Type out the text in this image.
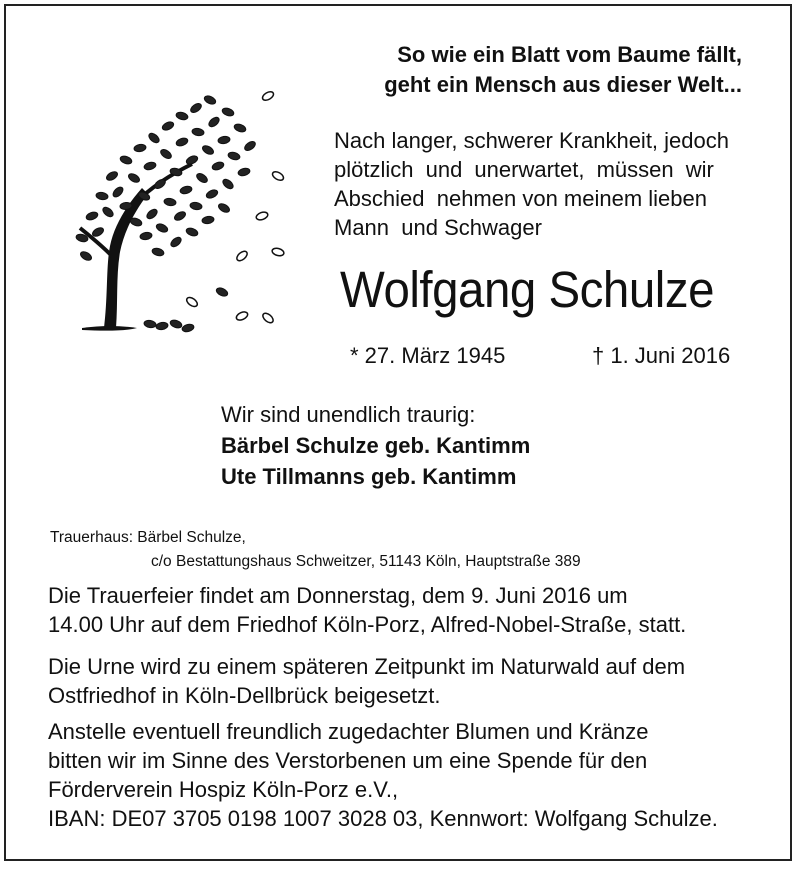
So wie ein Blatt vom Baume fällt,
geht ein Mensch aus dieser Welt...
Nach langer, schwerer Krankheit, jedoch
plötzlich und unerwartet, müssen wir
Abschied  nehmen von meinem lieben
Mann  und Schwager
Wolfgang Schulze
* 27. März 1945	† 1. Juni 2016
Wir sind unendlich traurig:
Bärbel Schulze geb. Kantimm
Ute Tillmanns geb. Kantimm
Trauerhaus: Bärbel Schulze,
c/o Bestattungshaus Schweitzer, 51143 Köln, Hauptstraße 389
Die Trauerfeier findet am Donnerstag, dem 9. Juni 2016 um
14.00 Uhr auf dem Friedhof Köln-Porz, Alfred-Nobel-Straße, statt.
Die Urne wird zu einem späteren Zeitpunkt im Naturwald auf dem
Ostfriedhof in Köln-Dellbrück beigesetzt.
Anstelle eventuell freundlich zugedachter Blumen und Kränze
bitten wir im Sinne des Verstorbenen um eine Spende für den
Förderverein Hospiz Köln-Porz e.V.,
IBAN: DE07 3705 0198 1007 3028 03, Kennwort: Wolfgang Schulze.
